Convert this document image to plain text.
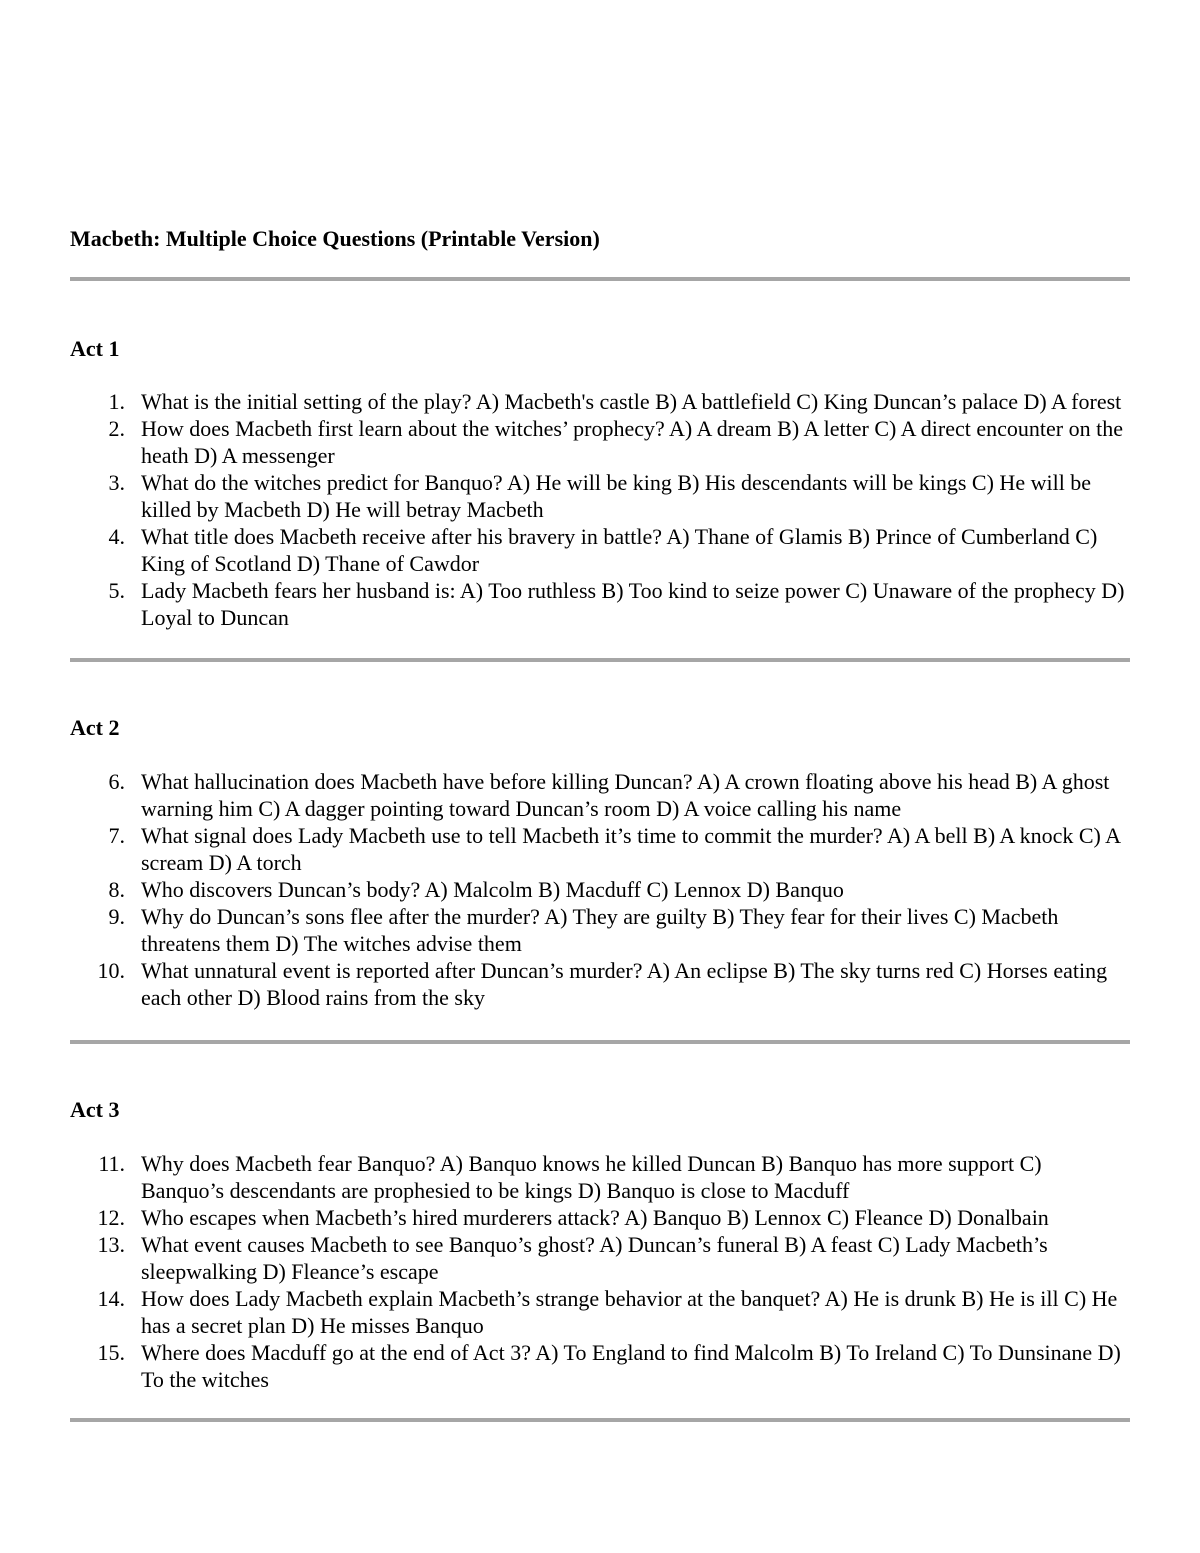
Macbeth: Multiple Choice Questions (Printable Version)
Act 1
1. What is the initial setting of the play? A) Macbeth's castle B) A battlefield C) King Duncan’s palace D) A forest
2. How does Macbeth first learn about the witches’ prophecy? A) A dream B) A letter C) A direct encounter on the heath D) A messenger
3. What do the witches predict for Banquo? A) He will be king B) His descendants will be kings C) He will be killed by Macbeth D) He will betray Macbeth
4. What title does Macbeth receive after his bravery in battle? A) Thane of Glamis B) Prince of Cumberland C) King of Scotland D) Thane of Cawdor
5. Lady Macbeth fears her husband is: A) Too ruthless B) Too kind to seize power C) Unaware of the prophecy D) Loyal to Duncan
Act 2
6. What hallucination does Macbeth have before killing Duncan? A) A crown floating above his head B) A ghost warning him C) A dagger pointing toward Duncan’s room D) A voice calling his name
7. What signal does Lady Macbeth use to tell Macbeth it’s time to commit the murder? A) A bell B) A knock C) A scream D) A torch
8. Who discovers Duncan’s body? A) Malcolm B) Macduff C) Lennox D) Banquo
9. Why do Duncan’s sons flee after the murder? A) They are guilty B) They fear for their lives C) Macbeth threatens them D) The witches advise them
10. What unnatural event is reported after Duncan’s murder? A) An eclipse B) The sky turns red C) Horses eating each other D) Blood rains from the sky
Act 3
11. Why does Macbeth fear Banquo? A) Banquo knows he killed Duncan B) Banquo has more support C) Banquo’s descendants are prophesied to be kings D) Banquo is close to Macduff
12. Who escapes when Macbeth’s hired murderers attack? A) Banquo B) Lennox C) Fleance D) Donalbain
13. What event causes Macbeth to see Banquo’s ghost? A) Duncan’s funeral B) A feast C) Lady Macbeth’s sleepwalking D) Fleance’s escape
14. How does Lady Macbeth explain Macbeth’s strange behavior at the banquet? A) He is drunk B) He is ill C) He has a secret plan D) He misses Banquo
15. Where does Macduff go at the end of Act 3? A) To England to find Malcolm B) To Ireland C) To Dunsinane D) To the witches
